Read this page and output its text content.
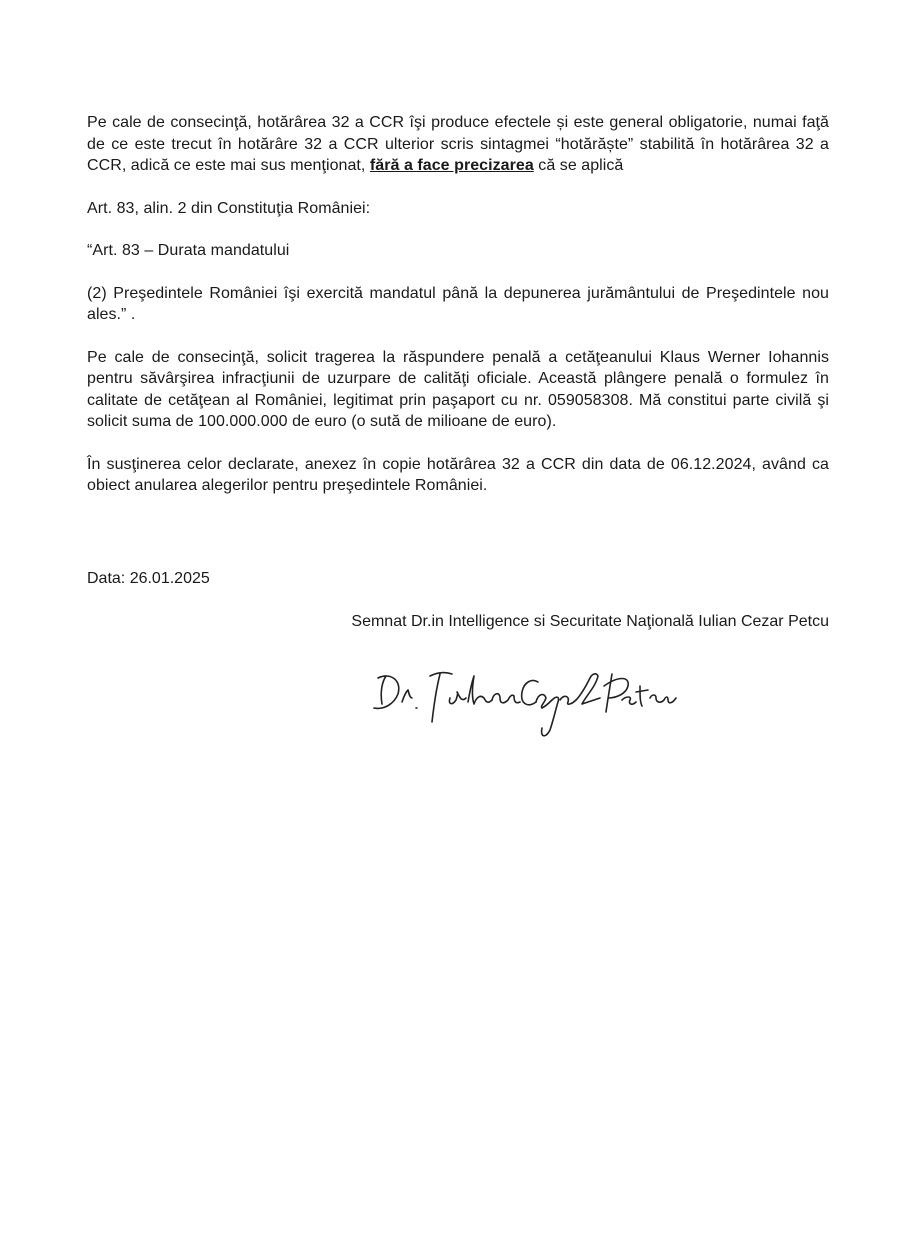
Pe cale de consecinţă, hotărârea 32 a CCR îşi produce efectele și este general obligatorie, numai faţă de ce este trecut în hotărâre 32 a CCR ulterior scris sintagmei “hotărăște” stabilită în hotărârea 32 a CCR, adică ce este mai sus menţionat, fără a face precizarea că se aplică

Art. 83, alin. 2 din Constituţia României:

“Art. 83 – Durata mandatului

(2) Preşedintele României îşi exercită mandatul până la depunerea jurământului de Preşedintele nou ales.” .

Pe cale de consecinţă, solicit tragerea la răspundere penală a cetăţeanului Klaus Werner Iohannis pentru săvârşirea infracţiunii de uzurpare de calităţi oficiale. Această plângere penală o formulez în calitate de cetăţean al României, legitimat prin paşaport cu nr. 059058308. Mă constitui parte civilă şi solicit suma de 100.000.000 de euro (o sută de milioane de euro).

În susţinerea celor declarate, anexez în copie hotărârea 32 a CCR din data de 06.12.2024, având ca obiect anularea alegerilor pentru preşedintele României.

Data: 26.01.2025
Semnat Dr.in Intelligence si Securitate Naţională Iulian Cezar Petcu
